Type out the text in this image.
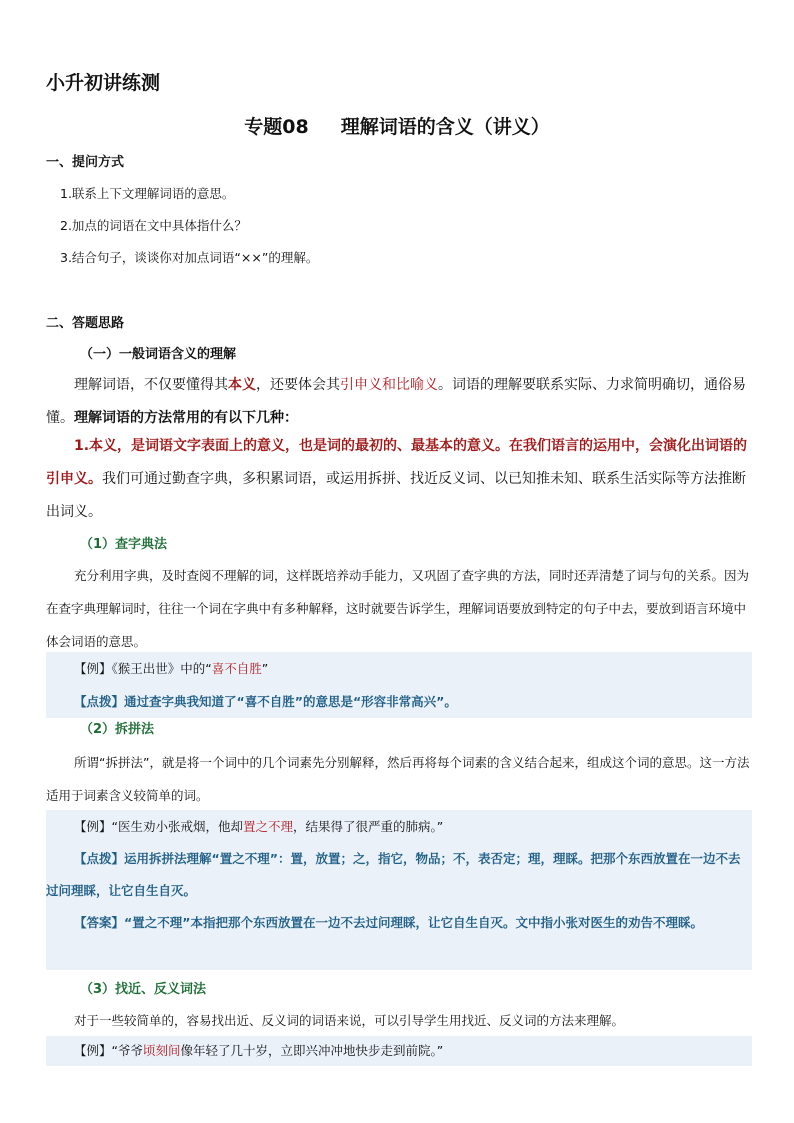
小升初讲练测
专题08 理解词语的含义（讲义）
一、提问方式
1.联系上下文理解词语的意思。
2.加点的词语在文中具体指什么？
3.结合句子，谈谈你对加点词语“××”的理解。
二、答题思路
（一）一般词语含义的理解
理解词语，不仅要懂得其本义，还要体会其引申义和比喻义。词语的理解要联系实际、力求简明确切，通俗易懂。理解词语的方法常用的有以下几种：
1.本义，是词语文字表面上的意义，也是词的最初的、最基本的意义。在我们语言的运用中，会演化出词语的引申义。我们可通过勤查字典，多积累词语，或运用拆拼、找近反义词、以已知推未知、联系生活实际等方法推断出词义。
（1）查字典法
充分利用字典，及时查阅不理解的词，这样既培养动手能力，又巩固了查字典的方法，同时还弄清楚了词与句的关系。因为在查字典理解词时，往往一个词在字典中有多种解释，这时就要告诉学生，理解词语要放到特定的句子中去，要放到语言环境中体会词语的意思。
【例】《猴王出世》中的“喜不自胜”
【点拨】通过查字典我知道了“喜不自胜”的意思是“形容非常高兴”。
（2）拆拼法
所谓“拆拼法”，就是将一个词中的几个词素先分别解释，然后再将每个词素的含义结合起来，组成这个词的意思。这一方法适用于词素含义较简单的词。
【例】“医生劝小张戒烟，他却置之不理，结果得了很严重的肺病。”
【点拨】运用拆拼法理解“置之不理”：置，放置；之，指它，物品；不，表否定；理，理睬。把那个东西放置在一边不去过问理睬，让它自生自灭。
【答案】“置之不理”本指把那个东西放置在一边不去过问理睬，让它自生自灭。文中指小张对医生的劝告不理睬。
（3）找近、反义词法
对于一些较简单的，容易找出近、反义词的词语来说，可以引导学生用找近、反义词的方法来理解。
【例】“爷爷顷刻间像年轻了几十岁，立即兴冲冲地快步走到前院。”
